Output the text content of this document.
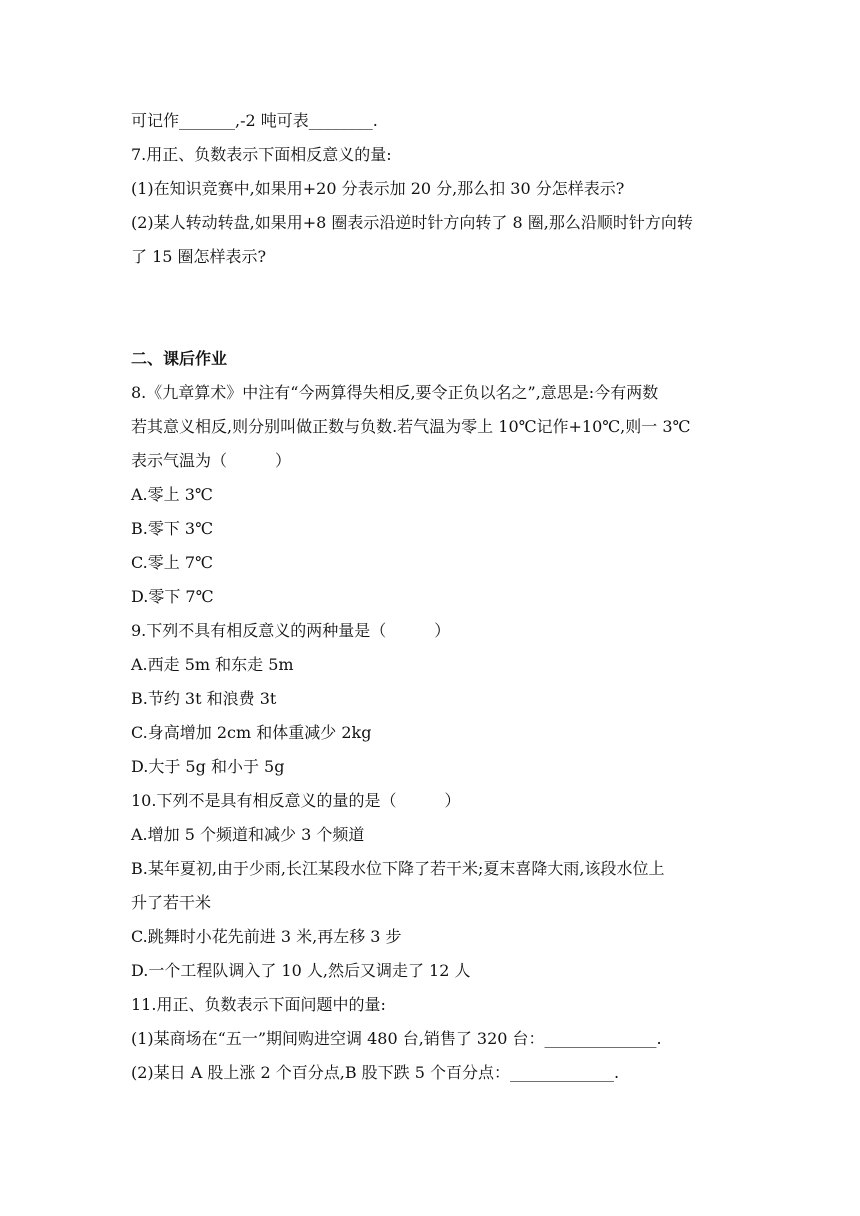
可记作_______,-2 吨可表________.
7.用正、负数表示下面相反意义的量:
(1)在知识竞赛中,如果用+20 分表示加 20 分,那么扣 30 分怎样表示?
(2)某人转动转盘,如果用+8 圈表示沿逆时针方向转了 8 圈,那么沿顺时针方向转
了 15 圈怎样表示?
二、课后作业
8.《九章算术》中注有“今两算得失相反,要令正负以名之”,意思是:今有两数
若其意义相反,则分别叫做正数与负数.若气温为零上 10℃记作+10℃,则一 3℃
表示气温为（　　　）
A.零上 3℃
B.零下 3℃
C.零上 7℃
D.零下 7℃
9.下列不具有相反意义的两种量是（　　　）
A.西走 5m 和东走 5m
B.节约 3t 和浪费 3t
C.身高增加 2cm 和体重减少 2kg
D.大于 5g 和小于 5g
10.下列不是具有相反意义的量的是（　　　）
A.增加 5 个频道和减少 3 个频道
B.某年夏初,由于少雨,长江某段水位下降了若干米;夏末喜降大雨,该段水位上
升了若干米
C.跳舞时小花先前进 3 米,再左移 3 步
D.一个工程队调入了 10 人,然后又调走了 12 人
11.用正、负数表示下面问题中的量:
(1)某商场在“五一”期间购进空调 480 台,销售了 320 台：______________.
(2)某日 A 股上涨 2 个百分点,B 股下跌 5 个百分点：_____________.
